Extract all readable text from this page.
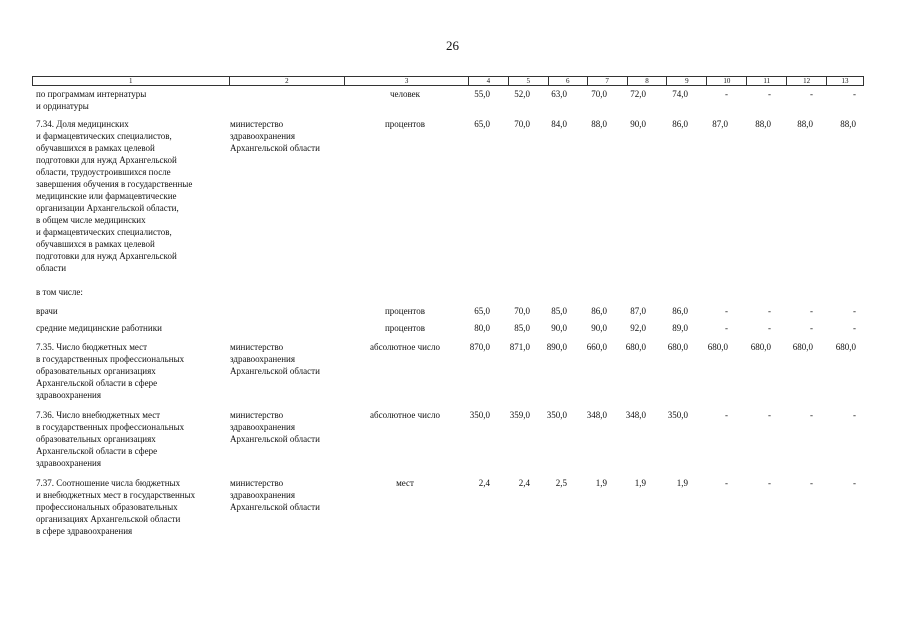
26
1	2	3	4	5	6	7	8	9	10	11	12	13
по программам интернатуры
и ординатуры
человек	55,0	52,0	63,0	70,0	72,0	74,0	-	-	-	-
7.34. Доля медицинских
и фармацевтических специалистов,
обучавшихся в рамках целевой
подготовки для нужд Архангельской
области, трудоустроившихся после
завершения обучения в государственные
медицинские или фармацевтические
организации Архангельской области,
в общем числе медицинских
и фармацевтических специалистов,
обучавшихся в рамках целевой
подготовки для нужд Архангельской
области
министерство
здравоохранения
Архангельской области
процентов	65,0	70,0	84,0	88,0	90,0	86,0	87,0	88,0	88,0	88,0
в том числе:
врачи	процентов	65,0	70,0	85,0	86,0	87,0	86,0	-	-	-	-
средние медицинские работники	процентов	80,0	85,0	90,0	90,0	92,0	89,0	-	-	-	-
7.35. Число бюджетных мест
в государственных профессиональных
образовательных организациях
Архангельской области в сфере
здравоохранения
министерство
здравоохранения
Архангельской области
абсолютное число	870,0	871,0	890,0	660,0	680,0	680,0	680,0	680,0	680,0	680,0
7.36. Число внебюджетных мест
в государственных профессиональных
образовательных организациях
Архангельской области в сфере
здравоохранения
министерство
здравоохранения
Архангельской области
абсолютное число	350,0	359,0	350,0	348,0	348,0	350,0	-	-	-	-
7.37. Соотношение числа бюджетных
и внебюджетных мест в государственных
профессиональных образовательных
организациях Архангельской области
в сфере здравоохранения
министерство
здравоохранения
Архангельской области
мест	2,4	2,4	2,5	1,9	1,9	1,9	-	-	-	-
